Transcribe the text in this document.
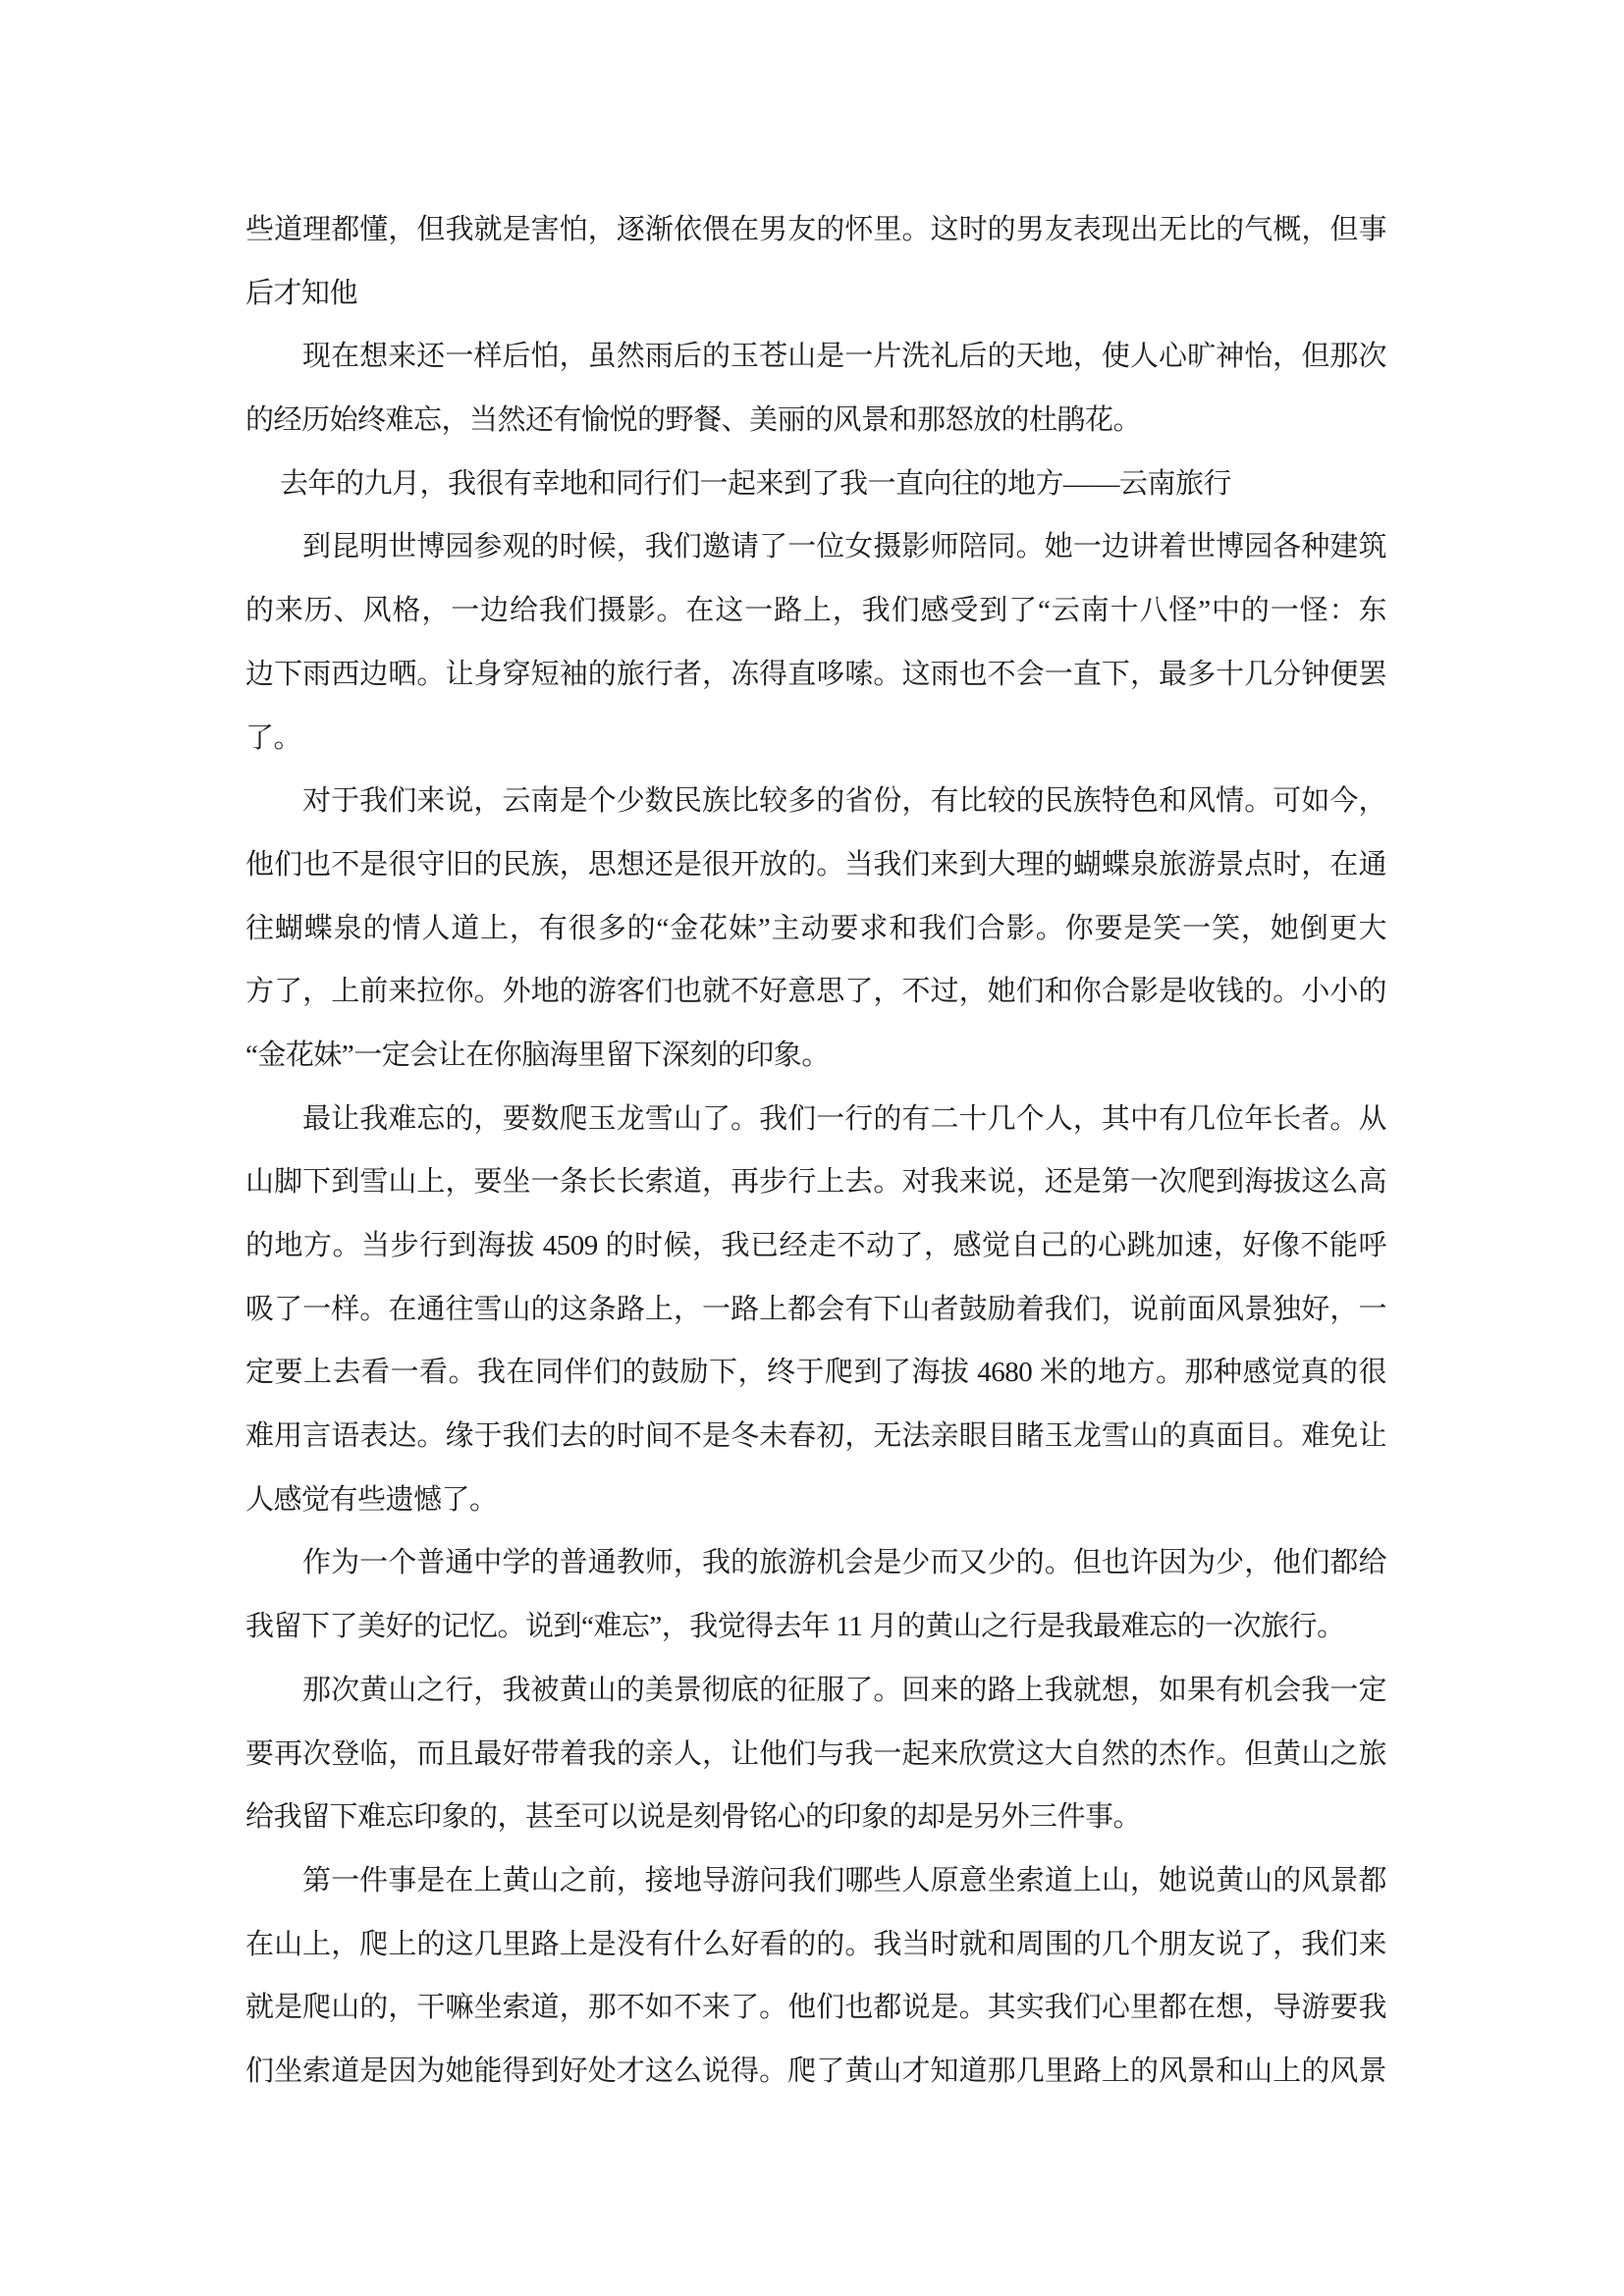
些道理都懂，但我就是害怕，逐渐依偎在男友的怀里。这时的男友表现出无比的气概，但事
后才知他
现在想来还一样后怕，虽然雨后的玉苍山是一片洗礼后的天地，使人心旷神怡，但那次
的经历始终难忘，当然还有愉悦的野餐、美丽的风景和那怒放的杜鹃花。
去年的九月，我很有幸地和同行们一起来到了我一直向往的地方——云南旅行
到昆明世博园参观的时候，我们邀请了一位女摄影师陪同。她一边讲着世博园各种建筑
的来历、风格，一边给我们摄影。在这一路上，我们感受到了“云南十八怪”中的一怪：东
边下雨西边晒。让身穿短袖的旅行者，冻得直哆嗦。这雨也不会一直下，最多十几分钟便罢
了。
对于我们来说，云南是个少数民族比较多的省份，有比较的民族特色和风情。可如今，
他们也不是很守旧的民族，思想还是很开放的。当我们来到大理的蝴蝶泉旅游景点时，在通
往蝴蝶泉的情人道上，有很多的“金花妹”主动要求和我们合影。你要是笑一笑，她倒更大
方了，上前来拉你。外地的游客们也就不好意思了，不过，她们和你合影是收钱的。小小的
“金花妹”一定会让在你脑海里留下深刻的印象。
最让我难忘的，要数爬玉龙雪山了。我们一行的有二十几个人，其中有几位年长者。从
山脚下到雪山上，要坐一条长长索道，再步行上去。对我来说，还是第一次爬到海拔这么高
的地方。当步行到海拔 4509 的时候，我已经走不动了，感觉自己的心跳加速，好像不能呼
吸了一样。在通往雪山的这条路上，一路上都会有下山者鼓励着我们，说前面风景独好，一
定要上去看一看。我在同伴们的鼓励下，终于爬到了海拔 4680 米的地方。那种感觉真的很
难用言语表达。缘于我们去的时间不是冬未春初，无法亲眼目睹玉龙雪山的真面目。难免让
人感觉有些遗憾了。
作为一个普通中学的普通教师，我的旅游机会是少而又少的。但也许因为少，他们都给
我留下了美好的记忆。说到“难忘”，我觉得去年 11 月的黄山之行是我最难忘的一次旅行。
那次黄山之行，我被黄山的美景彻底的征服了。回来的路上我就想，如果有机会我一定
要再次登临，而且最好带着我的亲人，让他们与我一起来欣赏这大自然的杰作。但黄山之旅
给我留下难忘印象的，甚至可以说是刻骨铭心的印象的却是另外三件事。
第一件事是在上黄山之前，接地导游问我们哪些人原意坐索道上山，她说黄山的风景都
在山上，爬上的这几里路上是没有什么好看的的。我当时就和周围的几个朋友说了，我们来
就是爬山的，干嘛坐索道，那不如不来了。他们也都说是。其实我们心里都在想，导游要我
们坐索道是因为她能得到好处才这么说得。爬了黄山才知道那几里路上的风景和山上的风景
